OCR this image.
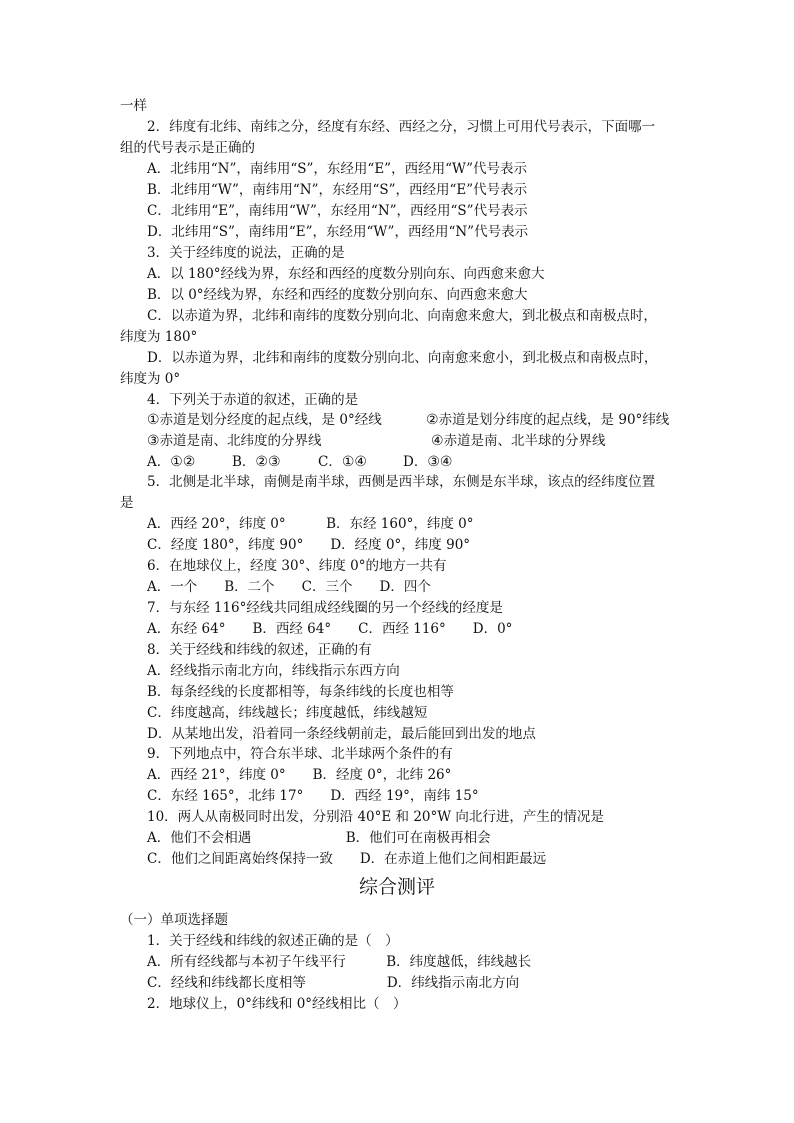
一样
2．纬度有北纬、南纬之分，经度有东经、西经之分，习惯上可用代号表示，下面哪一
组的代号表示是正确的
A．北纬用“N”，南纬用“S”，东经用“E”，西经用“W”代号表示
B．北纬用“W”，南纬用“N”，东经用“S”，西经用“E”代号表示
C．北纬用“E”，南纬用“W”，东经用“N”，西经用“S”代号表示
D．北纬用“S”，南纬用“E”，东经用“W”，西经用“N”代号表示
3．关于经纬度的说法，正确的是
A．以 180°经线为界，东经和西经的度数分别向东、向西愈来愈大
B．以 0°经线为界，东经和西经的度数分别向东、向西愈来愈大
C．以赤道为界，北纬和南纬的度数分别向北、向南愈来愈大，到北极点和南极点时，
纬度为 180°
D．以赤道为界，北纬和南纬的度数分别向北、向南愈来愈小，到北极点和南极点时，
纬度为 0°
4．下列关于赤道的叙述，正确的是
①赤道是划分经度的起点线，是 0°经线	②赤道是划分纬度的起点线，是 90°纬线
③赤道是南、北纬度的分界线	④赤道是南、北半球的分界线
A．①②	B．②③	C．①④	D．③④
5．北侧是北半球，南侧是南半球，西侧是西半球，东侧是东半球，该点的经纬度位置
是
A．西经 20°，纬度 0°　　　B．东经 160°，纬度 0°
C．经度 180°，纬度 90°　　D．经度 0°，纬度 90°
6．在地球仪上，经度 30°、纬度 0°的地方一共有
A．一个　　B．二个　　C．三个　　D．四个
7．与东经 116°经线共同组成经线圈的另一个经线的经度是
A．东经 64°　　B．西经 64°　　C．西经 116°　　D．0°
8．关于经线和纬线的叙述，正确的有
A．经线指示南北方向，纬线指示东西方向
B．每条经线的长度都相等，每条纬线的长度也相等
C．纬度越高，纬线越长；纬度越低，纬线越短
D．从某地出发，沿着同一条经线朝前走，最后能回到出发的地点
9．下列地点中，符合东半球、北半球两个条件的有
A．西经 21°，纬度 0°　　B．经度 0°，北纬 26°
C．东经 165°，北纬 17°　　D．西经 19°，南纬 15°
10．两人从南极同时出发，分别沿 40°E 和 20°W 向北行进，产生的情况是
A．他们不会相遇　　　　　　　B．他们可在南极再相会
C．他们之间距离始终保持一致　　D．在赤道上他们之间相距最远
综合测评
（一）单项选择题
1．关于经线和纬线的叙述正确的是（　）
A．所有经线都与本初子午线平行　　　B．纬度越低，纬线越长
C．经线和纬线都长度相等　　　　　　D．纬线指示南北方向
2．地球仪上，0°纬线和 0°经线相比（　）
